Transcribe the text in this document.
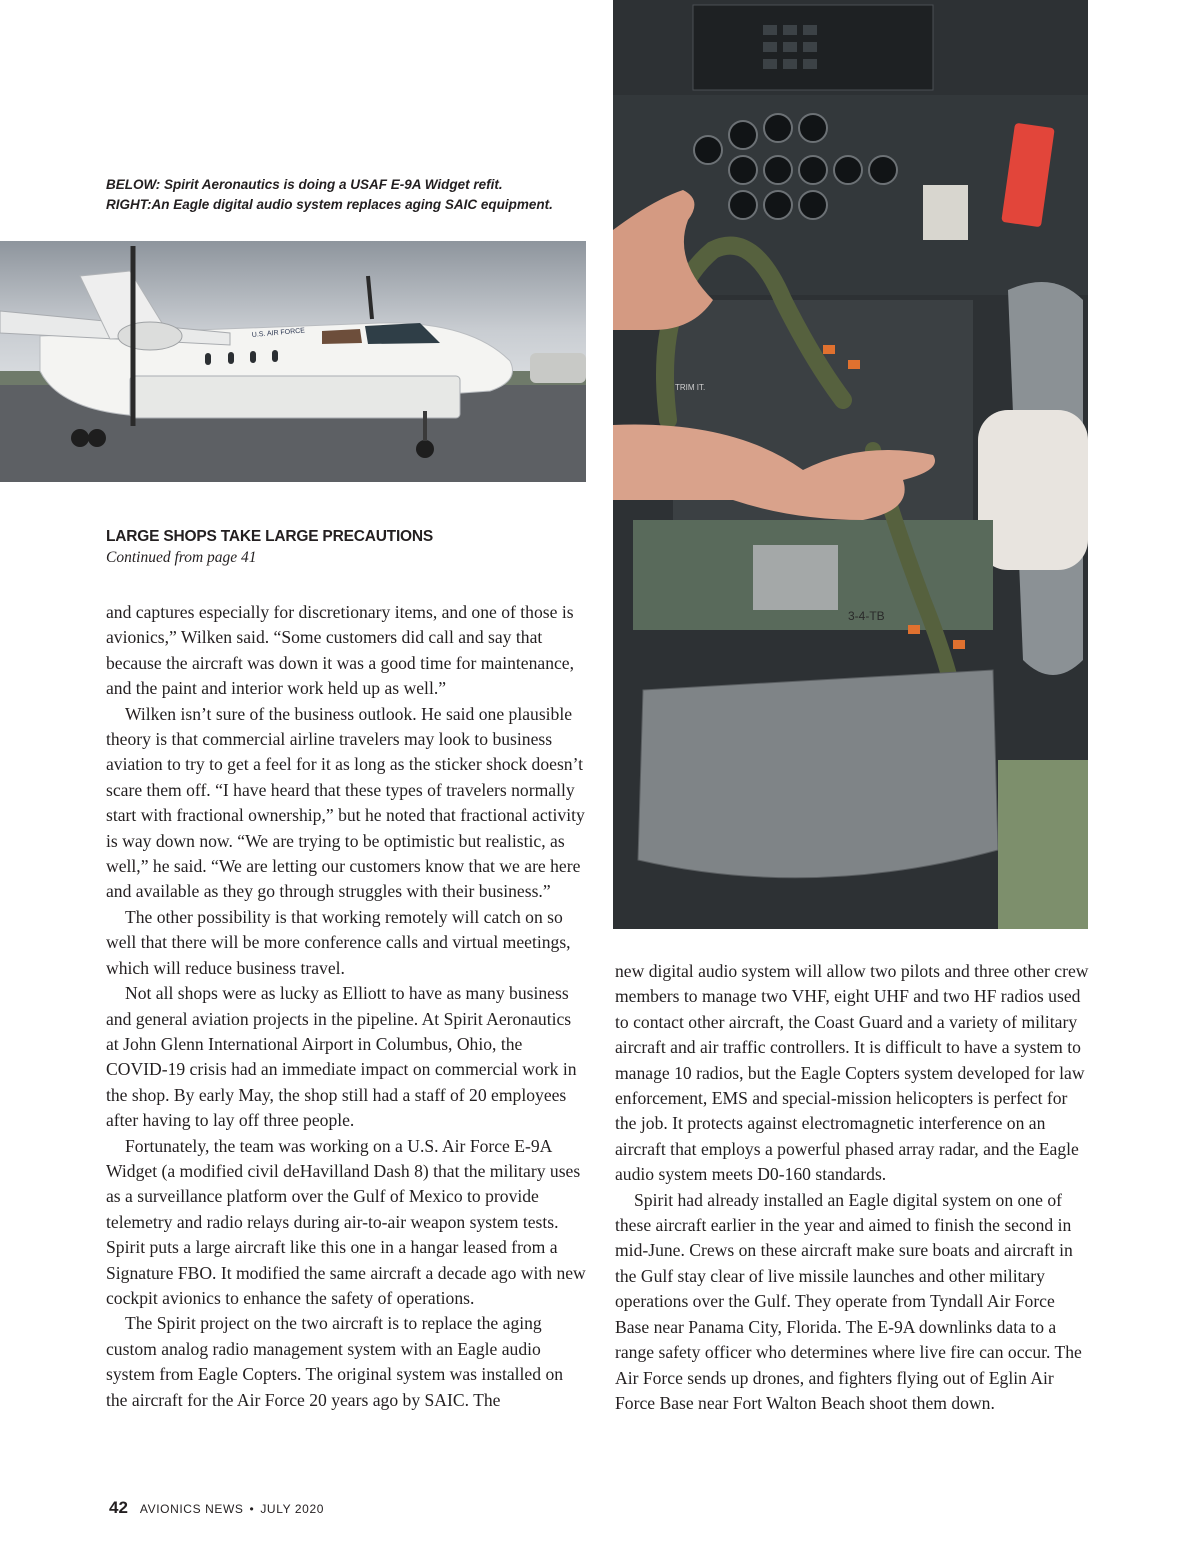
BELOW: Spirit Aeronautics is doing a USAF E-9A Widget refit.
RIGHT:An Eagle digital audio system replaces aging SAIC equipment.
U.S. AIR FORCE
TRIM IT.
3-4-TB
LARGE SHOPS TAKE LARGE PRECAUTIONS
Continued from page 41

and captures especially for discretionary items, and one of those is avionics,” Wilken said. “Some customers did call and say that because the aircraft was down it was a good time for maintenance, and the paint and interior work held up as well.”

Wilken isn’t sure of the business outlook. He said one plausible theory is that commercial airline travelers may look to business aviation to try to get a feel for it as long as the sticker shock doesn’t scare them off. “I have heard that these types of travelers normally start with fractional ownership,” but he noted that fractional activity is way down now. “We are trying to be optimistic but realistic, as well,” he said. “We are letting our customers know that we are here and available as they go through struggles with their business.”

The other possibility is that working remotely will catch on so well that there will be more conference calls and virtual meetings, which will reduce business travel.

Not all shops were as lucky as Elliott to have as many business and general aviation projects in the pipeline. At Spirit Aeronautics at John Glenn International Airport in Columbus, Ohio, the COVID-19 crisis had an immediate impact on commercial work in the shop. By early May, the shop still had a staff of 20 employees after having to lay off three people.

Fortunately, the team was working on a U.S. Air Force E-9A Widget (a modified civil deHavilland Dash 8) that the military uses as a surveillance platform over the Gulf of Mexico to provide telemetry and radio relays during air-to-air weapon system tests. Spirit puts a large aircraft like this one in a hangar leased from a Signature FBO. It modified the same aircraft a decade ago with new cockpit avionics to enhance the safety of operations.

The Spirit project on the two aircraft is to replace the aging custom analog radio management system with an Eagle audio system from Eagle Copters. The original system was installed on the aircraft for the Air Force 20 years ago by SAIC. The

new digital audio system will allow two pilots and three other crew members to manage two VHF, eight UHF and two HF radios used to contact other aircraft, the Coast Guard and a variety of military aircraft and air traffic controllers. It is difficult to have a system to manage 10 radios, but the Eagle Copters system developed for law enforcement, EMS and special-mission helicopters is perfect for the job. It protects against electromagnetic interference on an aircraft that employs a powerful phased array radar, and the Eagle audio system meets D0-160 standards.

Spirit had already installed an Eagle digital system on one of these aircraft earlier in the year and aimed to finish the second in mid-June. Crews on these aircraft make sure boats and aircraft in the Gulf stay clear of live missile launches and other military operations over the Gulf. They operate from Tyndall Air Force Base near Panama City, Florida. The E-9A downlinks data to a range safety officer who determines where live fire can occur. The Air Force sends up drones, and fighters flying out of Eglin Air Force Base near Fort Walton Beach shoot them down.

42 AVIONICS NEWS • JULY 2020
